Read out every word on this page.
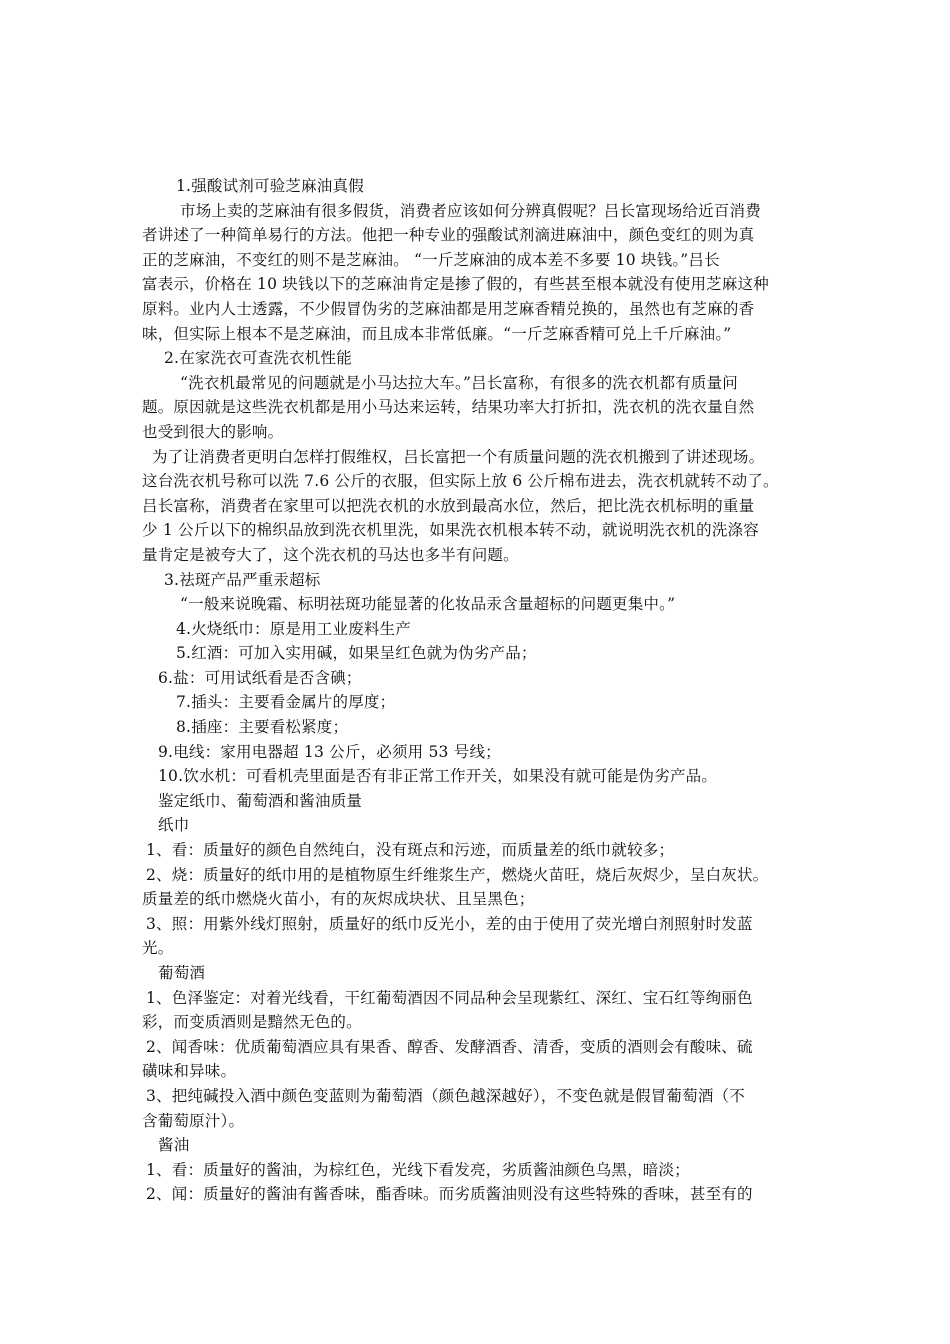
1.强酸试剂可验芝麻油真假
市场上卖的芝麻油有很多假货，消费者应该如何分辨真假呢？吕长富现场给近百消费
者讲述了一种简单易行的方法。他把一种专业的强酸试剂滴进麻油中，颜色变红的则为真
正的芝麻油，不变红的则不是芝麻油。 “一斤芝麻油的成本差不多要 10 块钱。”吕长
富表示，价格在 10 块钱以下的芝麻油肯定是掺了假的，有些甚至根本就没有使用芝麻这种
原料。业内人士透露，不少假冒伪劣的芝麻油都是用芝麻香精兑换的，虽然也有芝麻的香
味，但实际上根本不是芝麻油，而且成本非常低廉。“一斤芝麻香精可兑上千斤麻油。”
2.在家洗衣可查洗衣机性能
“洗衣机最常见的问题就是小马达拉大车。”吕长富称，有很多的洗衣机都有质量问
题。原因就是这些洗衣机都是用小马达来运转，结果功率大打折扣，洗衣机的洗衣量自然
也受到很大的影响。
为了让消费者更明白怎样打假维权，吕长富把一个有质量问题的洗衣机搬到了讲述现场。
这台洗衣机号称可以洗 7.6 公斤的衣服，但实际上放 6 公斤棉布进去，洗衣机就转不动了。
吕长富称，消费者在家里可以把洗衣机的水放到最高水位，然后，把比洗衣机标明的重量
少 1 公斤以下的棉织品放到洗衣机里洗，如果洗衣机根本转不动，就说明洗衣机的洗涤容
量肯定是被夸大了，这个洗衣机的马达也多半有问题。
3.祛斑产品严重汞超标
“一般来说晚霜、标明祛斑功能显著的化妆品汞含量超标的问题更集中。”
4.火烧纸巾：原是用工业废料生产
5.红酒：可加入实用碱，如果呈红色就为伪劣产品；
6.盐：可用试纸看是否含碘；
7.插头：主要看金属片的厚度；
8.插座：主要看松紧度；
9.电线：家用电器超 13 公斤，必须用 53 号线；
10.饮水机：可看机壳里面是否有非正常工作开关，如果没有就可能是伪劣产品。
鉴定纸巾、葡萄酒和酱油质量
纸巾
1、看：质量好的颜色自然纯白，没有斑点和污迹，而质量差的纸巾就较多；
2、烧：质量好的纸巾用的是植物原生纤维浆生产，燃烧火苗旺，烧后灰烬少，呈白灰状。
质量差的纸巾燃烧火苗小，有的灰烬成块状、且呈黑色；
3、照：用紫外线灯照射，质量好的纸巾反光小，差的由于使用了荧光增白剂照射时发蓝
光。
葡萄酒
1、色泽鉴定：对着光线看，干红葡萄酒因不同品种会呈现紫红、深红、宝石红等绚丽色
彩，而变质酒则是黯然无色的。
2、闻香味：优质葡萄酒应具有果香、醇香、发酵酒香、清香，变质的酒则会有酸味、硫
磺味和异味。
3、把纯碱投入酒中颜色变蓝则为葡萄酒（颜色越深越好），不变色就是假冒葡萄酒（不
含葡萄原汁）。
酱油
1、看：质量好的酱油，为棕红色，光线下看发亮，劣质酱油颜色乌黑，暗淡；
2、闻：质量好的酱油有酱香味，酯香味。而劣质酱油则没有这些特殊的香味，甚至有的
